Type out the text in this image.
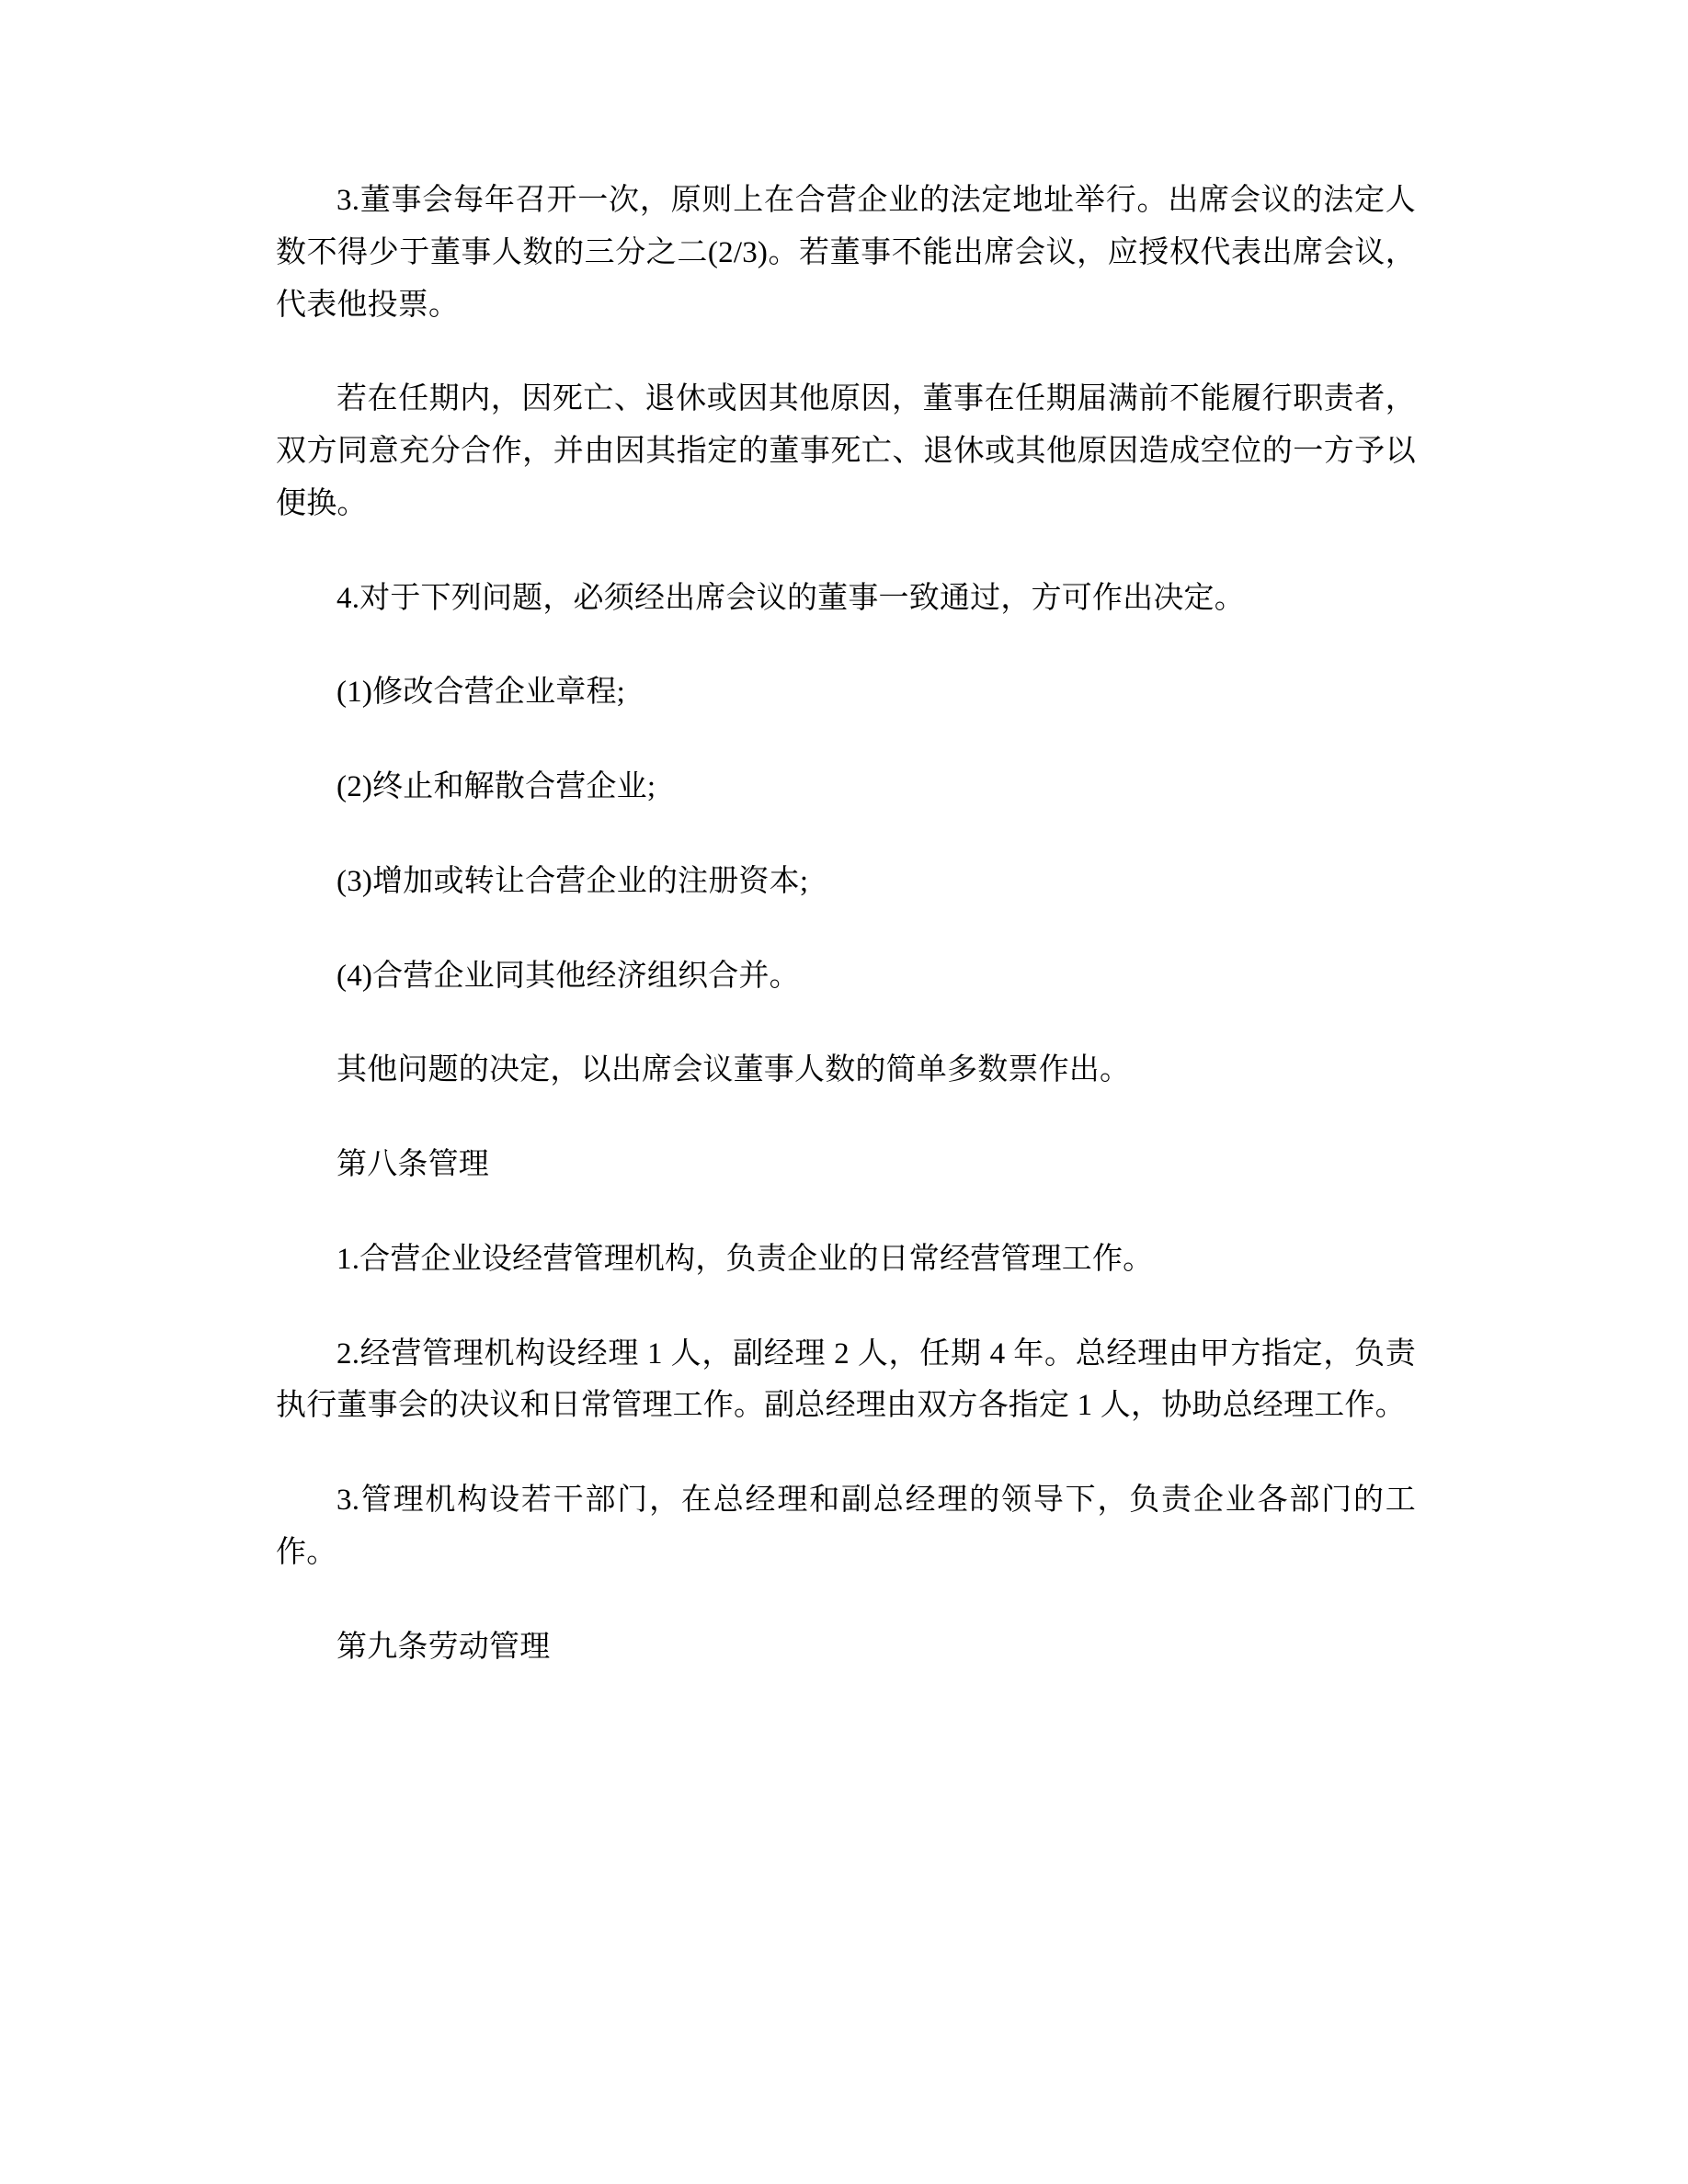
3.董事会每年召开一次，原则上在合营企业的法定地址举行。出席会议的法定人数不得少于董事人数的三分之二(2/3)。若董事不能出席会议，应授权代表出席会议，代表他投票。

若在任期内，因死亡、退休或因其他原因，董事在任期届满前不能履行职责者，双方同意充分合作，并由因其指定的董事死亡、退休或其他原因造成空位的一方予以便换。

4.对于下列问题，必须经出席会议的董事一致通过，方可作出决定。

(1)修改合营企业章程;

(2)终止和解散合营企业;

(3)增加或转让合营企业的注册资本;

(4)合营企业同其他经济组织合并。

其他问题的决定，以出席会议董事人数的简单多数票作出。

第八条管理

1.合营企业设经营管理机构，负责企业的日常经营管理工作。

2.经营管理机构设经理 1 人，副经理 2 人，任期 4 年。总经理由甲方指定，负责执行董事会的决议和日常管理工作。副总经理由双方各指定 1 人，协助总经理工作。

3.管理机构设若干部门，在总经理和副总经理的领导下，负责企业各部门的工作。

第九条劳动管理
